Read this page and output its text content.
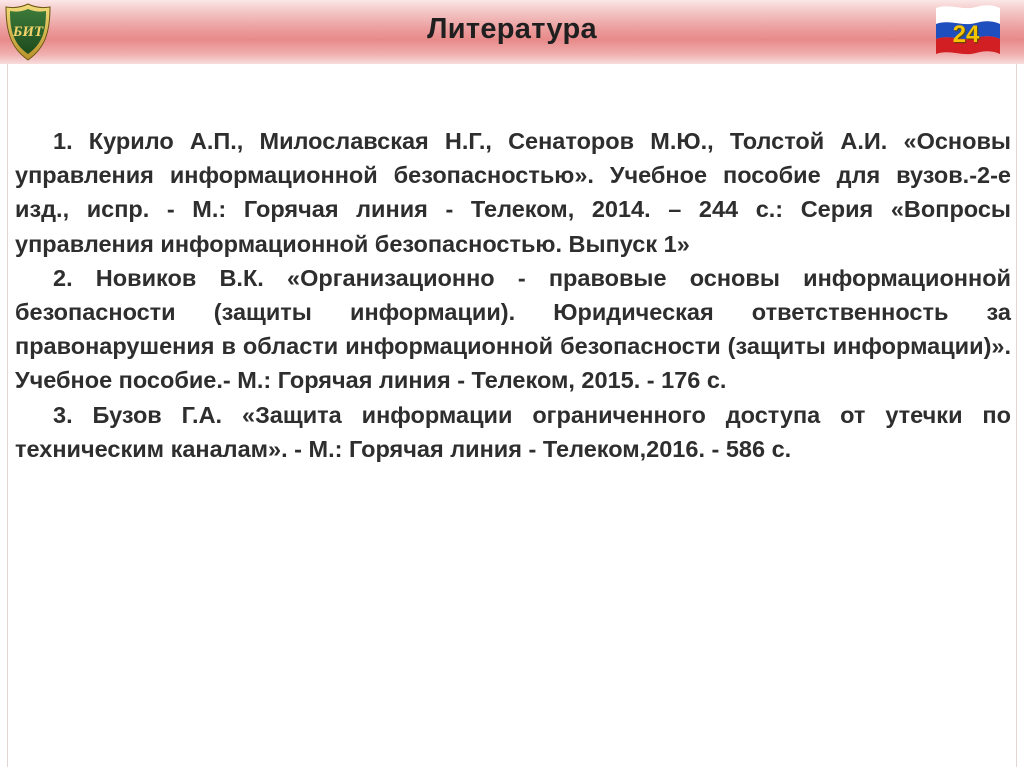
БИТ	Литература	24

1. Курило А.П., Милославская Н.Г., Сенаторов М.Ю., Толстой А.И. «Основы управления информационной безопасностью». Учебное пособие для вузов.-2-е изд., испр. - М.: Горячая линия - Телеком, 2014. – 244 с.: Серия «Вопросы управления информационной безопасностью. Выпуск 1»

2. Новиков В.К. «Организационно - правовые основы информационной безопасности (защиты информации). Юридическая ответственность за правонарушения в области информационной безопасности (защиты информации)». Учебное пособие.- М.: Горячая линия - Телеком, 2015. - 176 с.

3. Бузов Г.А. «Защита информации ограниченного доступа от утечки по техническим каналам». - М.: Горячая линия - Телеком,2016. - 586 с.
